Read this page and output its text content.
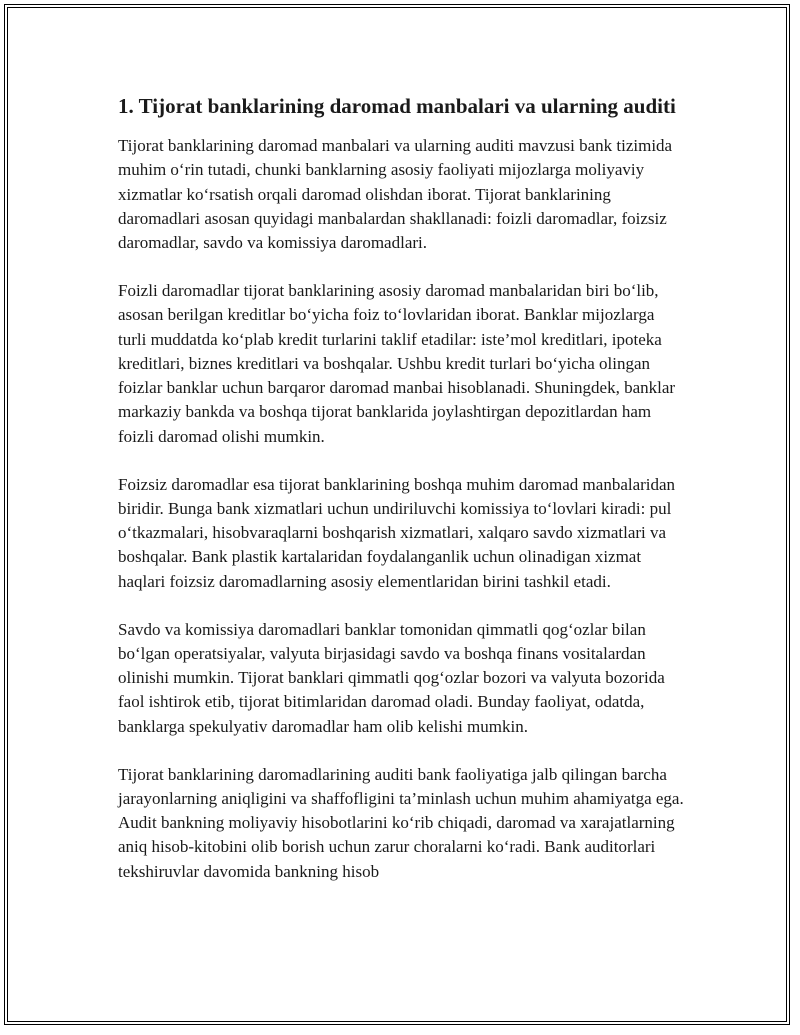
1. Tijorat banklarining daromad manbalari va ularning auditi

Tijorat banklarining daromad manbalari va ularning auditi mavzusi bank tizimida muhim o‘rin tutadi, chunki banklarning asosiy faoliyati mijozlarga moliyaviy xizmatlar ko‘rsatish orqali daromad olishdan iborat. Tijorat banklarining daromadlari asosan quyidagi manbalardan shakllanadi: foizli daromadlar, foizsiz daromadlar, savdo va komissiya daromadlari.

Foizli daromadlar tijorat banklarining asosiy daromad manbalaridan biri bo‘lib, asosan berilgan kreditlar bo‘yicha foiz to‘lovlaridan iborat. Banklar mijozlarga turli muddatda ko‘plab kredit turlarini taklif etadilar: iste’mol kreditlari, ipoteka kreditlari, biznes kreditlari va boshqalar. Ushbu kredit turlari bo‘yicha olingan foizlar banklar uchun barqaror daromad manbai hisoblanadi. Shuningdek, banklar markaziy bankda va boshqa tijorat banklarida joylashtirgan depozitlardan ham foizli daromad olishi mumkin.

Foizsiz daromadlar esa tijorat banklarining boshqa muhim daromad manbalaridan biridir. Bunga bank xizmatlari uchun undiriluvchi komissiya to‘lovlari kiradi: pul o‘tkazmalari, hisobvaraqlarni boshqarish xizmatlari, xalqaro savdo xizmatlari va boshqalar. Bank plastik kartalaridan foydalanganlik uchun olinadigan xizmat haqlari foizsiz daromadlarning asosiy elementlaridan birini tashkil etadi.

Savdo va komissiya daromadlari banklar tomonidan qimmatli qog‘ozlar bilan bo‘lgan operatsiyalar, valyuta birjasidagi savdo va boshqa finans vositalardan olinishi mumkin. Tijorat banklari qimmatli qog‘ozlar bozori va valyuta bozorida faol ishtirok etib, tijorat bitimlaridan daromad oladi. Bunday faoliyat, odatda, banklarga spekulyativ daromadlar ham olib kelishi mumkin.

Tijorat banklarining daromadlarining auditi bank faoliyatiga jalb qilingan barcha jarayonlarning aniqligini va shaffofligini ta’minlash uchun muhim ahamiyatga ega. Audit bankning moliyaviy hisobotlarini ko‘rib chiqadi, daromad va xarajatlarning aniq hisob-kitobini olib borish uchun zarur choralarni ko‘radi. Bank auditorlari tekshiruvlar davomida bankning hisob
